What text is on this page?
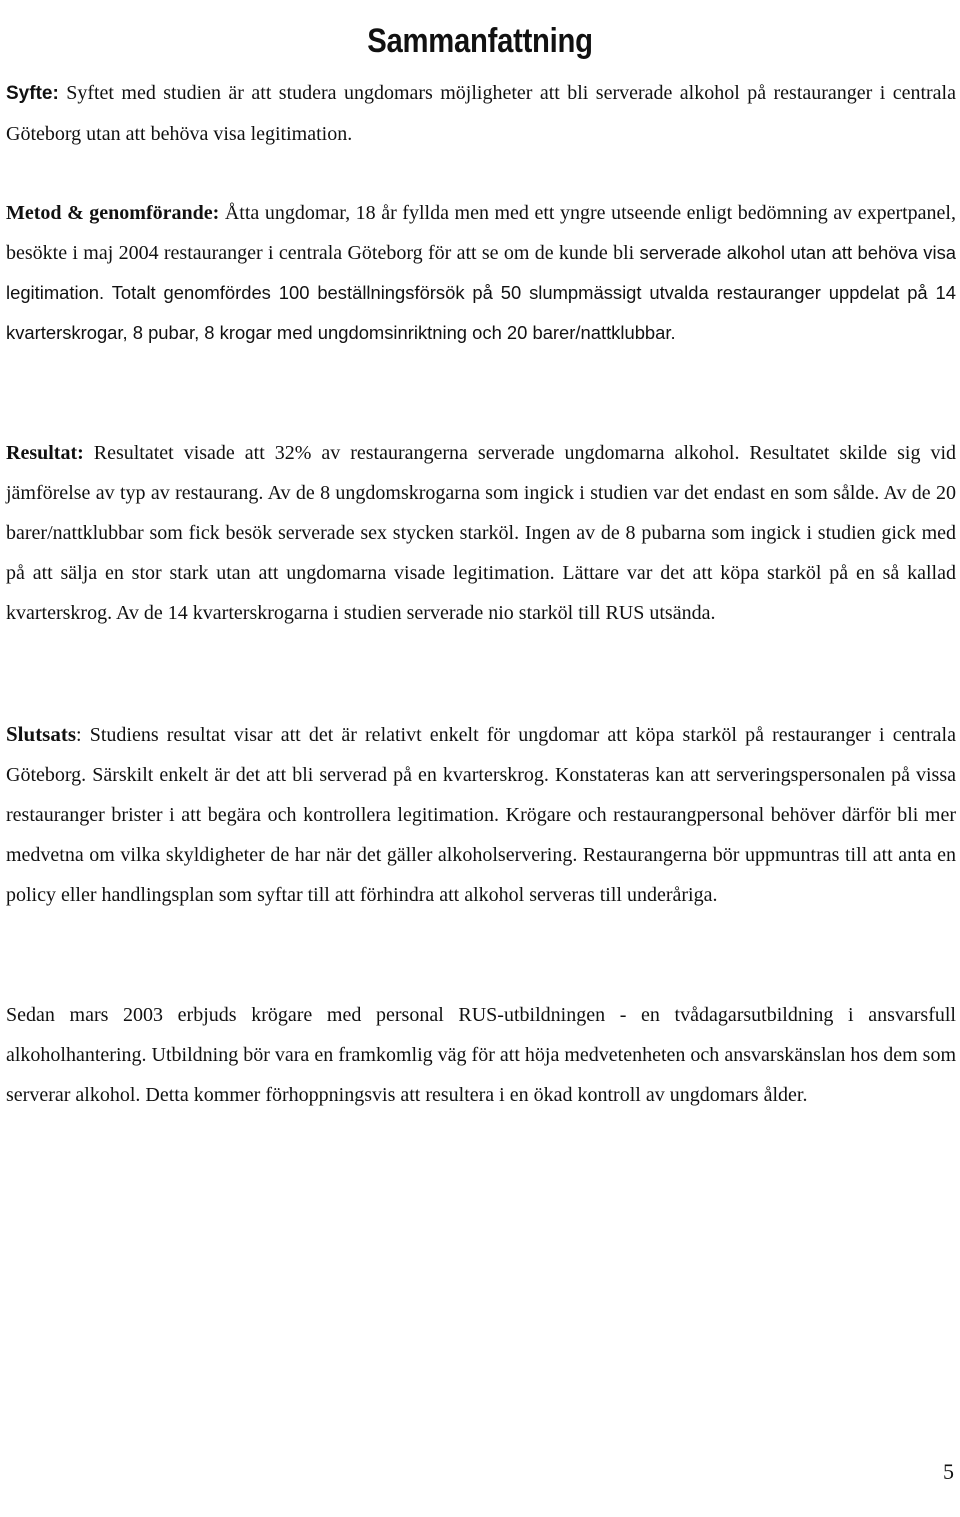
Sammanfattning

Syfte: Syftet med studien är att studera ungdomars möjligheter att bli serverade alkohol på restauranger i centrala Göteborg utan att behöva visa legitimation.

Metod & genomförande: Åtta ungdomar, 18 år fyllda men med ett yngre utseende enligt bedömning av expertpanel, besökte i maj 2004 restauranger i centrala Göteborg för att se om de kunde bli serverade alkohol utan att behöva visa legitimation. Totalt genomfördes 100 beställningsförsök på 50 slumpmässigt utvalda restauranger uppdelat på 14 kvarterskrogar, 8 pubar, 8 krogar med ungdomsinriktning och 20 barer/nattklubbar.

Resultat: Resultatet visade att 32% av restaurangerna serverade ungdomarna alkohol. Resultatet skilde sig vid jämförelse av typ av restaurang. Av de 8 ungdomskrogarna som ingick i studien var det endast en som sålde. Av de 20 barer/nattklubbar som fick besök serverade sex stycken starköl. Ingen av de 8 pubarna som ingick i studien gick med på att sälja en stor stark utan att ungdomarna visade legitimation. Lättare var det att köpa starköl på en så kallad kvarterskrog. Av de 14 kvarterskrogarna i studien serverade nio starköl till RUS utsända.

Slutsats: Studiens resultat visar att det är relativt enkelt för ungdomar att köpa starköl på restauranger i centrala Göteborg. Särskilt enkelt är det att bli serverad på en kvarterskrog. Konstateras kan att serveringspersonalen på vissa restauranger brister i att begära och kontrollera legitimation. Krögare och restaurangpersonal behöver därför bli mer medvetna om vilka skyldigheter de har när det gäller alkoholservering. Restaurangerna bör uppmuntras till att anta en policy eller handlingsplan som syftar till att förhindra att alkohol serveras till underåriga.

Sedan mars 2003 erbjuds krögare med personal RUS-utbildningen - en tvådagarsutbildning i ansvarsfull alkoholhantering. Utbildning bör vara en framkomlig väg för att höja medvetenheten och ansvarskänslan hos dem som serverar alkohol. Detta kommer förhoppningsvis att resultera i en ökad kontroll av ungdomars ålder.

5
